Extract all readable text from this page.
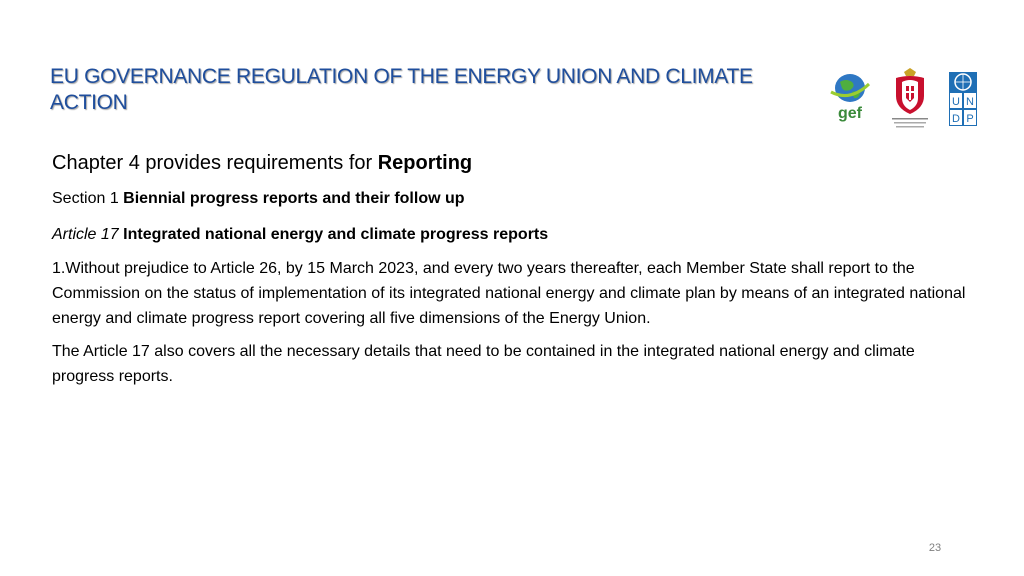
EU GOVERNANCE REGULATION OF THE ENERGY UNION AND CLIMATE ACTION	gef
U N
D P

Chapter 4 provides requirements for Reporting

Section 1 Biennial progress reports and their follow up

Article 17 Integrated national energy and climate progress reports

1.Without prejudice to Article 26, by 15 March 2023, and every two years thereafter, each Member State shall report to the Commission on the status of implementation of its integrated national energy and climate plan by means of an integrated national energy and climate progress report covering all five dimensions of the Energy Union.

The Article 17 also covers all the necessary details that need to be contained in the integrated national energy and climate progress reports.

23
